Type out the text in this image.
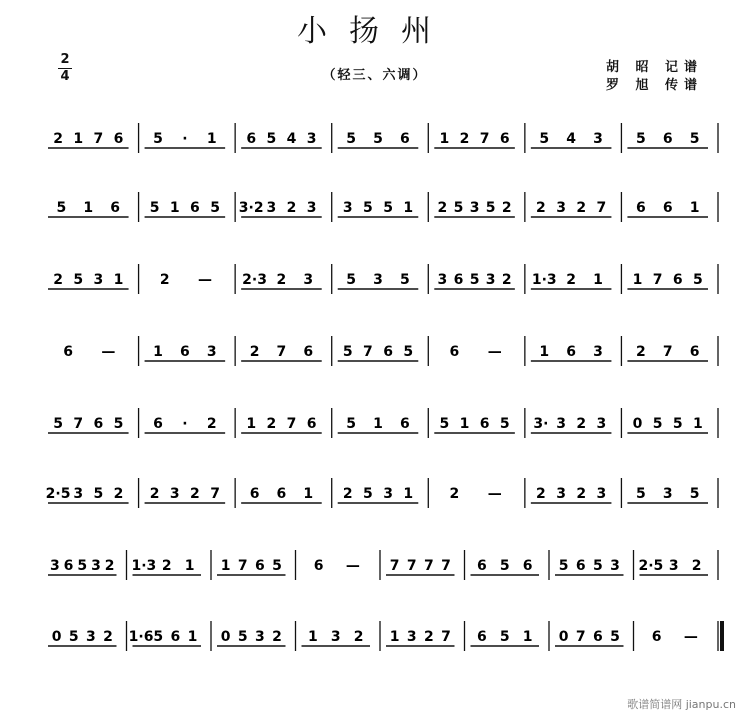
小扬州
（轻三、六调）
胡 昭 记谱
罗 旭 传谱
2
4
2 1 7 6 5 · 1 6 5 4 3 5 5 6 1 2 7 6 5 4 3 5 6 5
5 1 6 5 1 6 5 3·2 3 2 3 3 5 5 1 2 5 3 5 2 2 3 2 7 6 6 1
2 5 3 1	2 — 2·3 2 3 5 3 5 3 6 5 3 2 1·3 2 1 1 7 6 5
6 —	1 6 3 2 7 6 5 7 6 5	6 —	1 6 3 2 7 6
5 7 6 5 6 · 2 1 2 7 6 5 1 6 5 1 6 5 3· 3 2 3 0 5 5 1
2·5 3 5 2 2 3 2 7 6 6 1 2 5 3 1	2 — 2 3 2 3 5 3 5
3 6 5 3 2 1·3 2 1 1 7 6 5 6 — 7 7 7 7 6 5 6 5 6 5 3 2·5 3 2
0 5 3 2 1·6 5 6 1 0 5 3 2 1 3 2 1 3 2 7 6 5 1 0 7 6 5 6 —
歌谱简谱网 jianpu.cn
